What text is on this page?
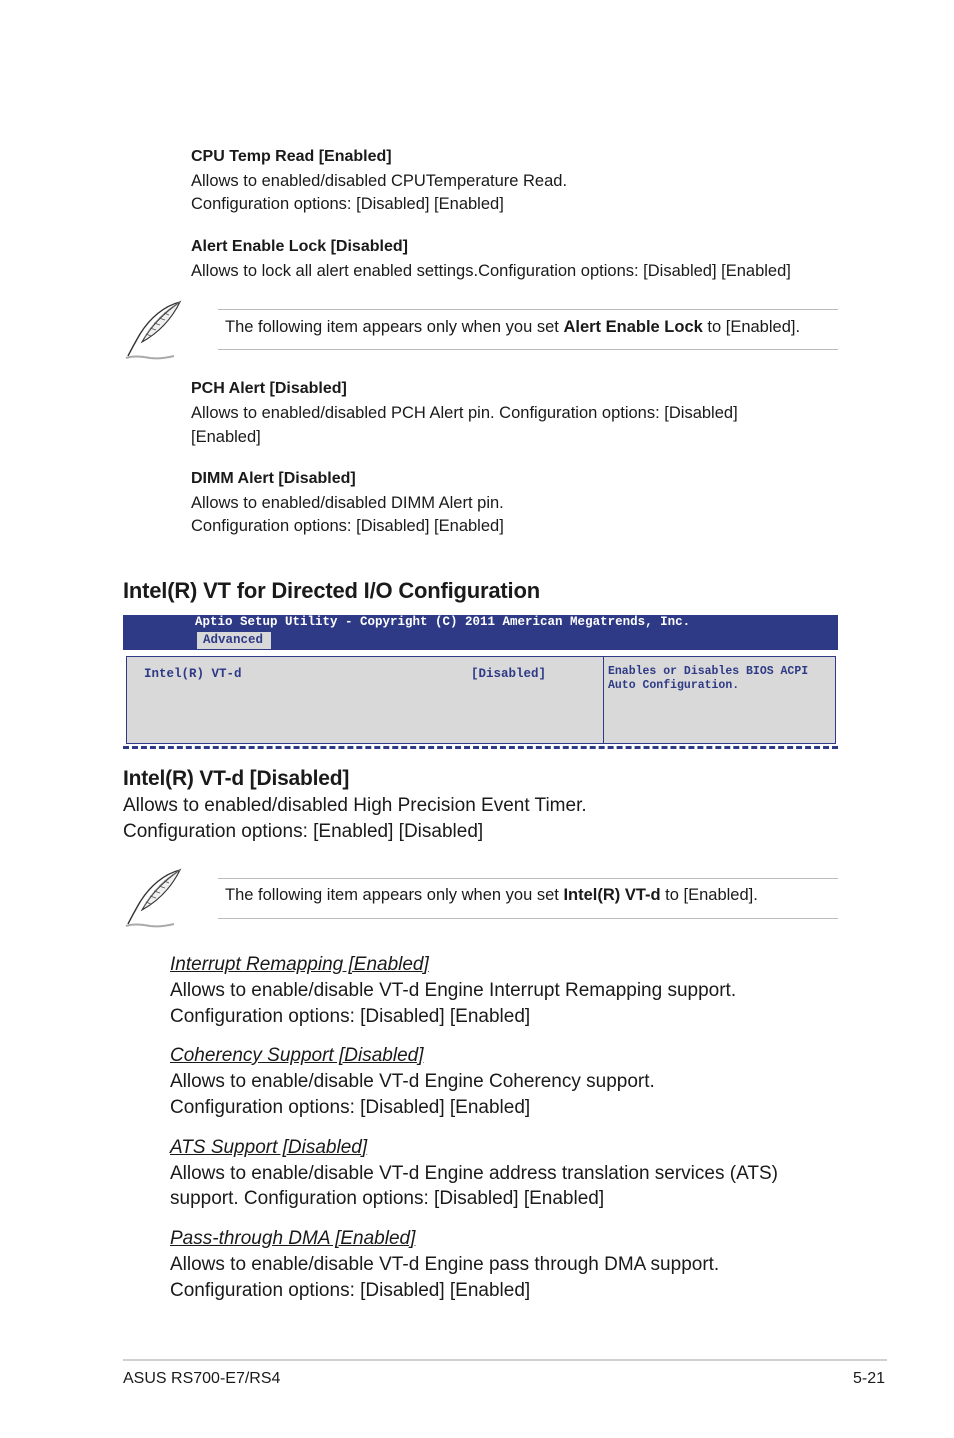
CPU Temp Read [Enabled]
Allows to enabled/disabled CPUTemperature Read.
Configuration options: [Disabled] [Enabled]
Alert Enable Lock [Disabled]
Allows to lock all alert enabled settings.Configuration options: [Disabled] [Enabled]
The following item appears only when you set Alert Enable Lock to [Enabled].
PCH Alert [Disabled]
Allows to enabled/disabled PCH Alert pin. Configuration options: [Disabled]
[Enabled]
DIMM Alert [Disabled]
Allows to enabled/disabled DIMM Alert pin.
Configuration options: [Disabled] [Enabled]
Intel(R) VT for Directed I/O Configuration
Aptio Setup Utility - Copyright (C) 2011 American Megatrends, Inc.
Advanced
Intel(R) VT-d	[Disabled]	Enables or Disables BIOS ACPI
Auto Configuration.
Intel(R) VT-d [Disabled]
Allows to enabled/disabled High Precision Event Timer.
Configuration options: [Enabled] [Disabled]
The following item appears only when you set Intel(R) VT-d to [Enabled].
Interrupt Remapping [Enabled]
Allows to enable/disable VT-d Engine Interrupt Remapping support.
Configuration options: [Disabled] [Enabled]
Coherency Support [Disabled]
Allows to enable/disable VT-d Engine Coherency support.
Configuration options: [Disabled] [Enabled]
ATS Support [Disabled]
Allows to enable/disable VT-d Engine address translation services (ATS)
support. Configuration options: [Disabled] [Enabled]
Pass-through DMA [Enabled]
Allows to enable/disable VT-d Engine pass through DMA support.
Configuration options: [Disabled] [Enabled]
ASUS RS700-E7/RS4	5-21
